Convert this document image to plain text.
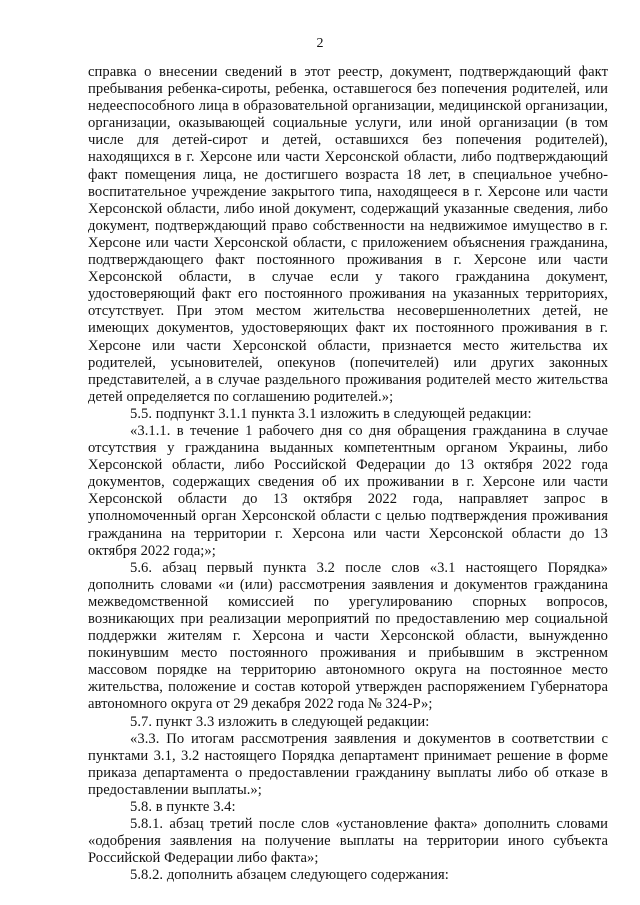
2

справка о внесении сведений в этот реестр, документ, подтверждающий факт пребывания ребенка-сироты, ребенка, оставшегося без попечения родителей, или недееспособного лица в образовательной организации, медицинской организации, организации, оказывающей социальные услуги, или иной организации (в том числе для детей-сирот и детей, оставшихся без попечения родителей), находящихся в г. Херсоне или части Херсонской области, либо подтверждающий факт помещения лица, не достигшего возраста 18 лет, в специальное учебно-воспитательное учреждение закрытого типа, находящееся в г. Херсоне или части Херсонской области, либо иной документ, содержащий указанные сведения, либо документ, подтверждающий право собственности на недвижимое имущество в г. Херсоне или части Херсонской области, с приложением объяснения гражданина, подтверждающего факт постоянного проживания в г. Херсоне или части Херсонской области, в случае если у такого гражданина документ, удостоверяющий факт его постоянного проживания на указанных территориях, отсутствует. При этом местом жительства несовершеннолетних детей, не имеющих документов, удостоверяющих факт их постоянного проживания в г. Херсоне или части Херсонской области, признается место жительства их родителей, усыновителей, опекунов (попечителей) или других законных представителей, а в случае раздельного проживания родителей место жительства детей определяется по соглашению родителей.»;

5.5. подпункт 3.1.1 пункта 3.1 изложить в следующей редакции:

«3.1.1. в течение 1 рабочего дня со дня обращения гражданина в случае отсутствия у гражданина выданных компетентным органом Украины, либо Херсонской области, либо Российской Федерации до 13 октября 2022 года документов, содержащих сведения об их проживании в г. Херсоне или части Херсонской области до 13 октября 2022 года, направляет запрос в уполномоченный орган Херсонской области с целью подтверждения проживания гражданина на территории г. Херсона или части Херсонской области до 13 октября 2022 года;»;

5.6. абзац первый пункта 3.2 после слов «3.1 настоящего Порядка» дополнить словами «и (или) рассмотрения заявления и документов гражданина межведомственной комиссией по урегулированию спорных вопросов, возникающих при реализации мероприятий по предоставлению мер социальной поддержки жителям г. Херсона и части Херсонской области, вынужденно покинувшим место постоянного проживания и прибывшим в экстренном массовом порядке на территорию автономного округа на постоянное место жительства, положение и состав которой утвержден распоряжением Губернатора автономного округа от 29 декабря 2022 года № 324-Р»;

5.7. пункт 3.3 изложить в следующей редакции:

«3.3. По итогам рассмотрения заявления и документов в соответствии с пунктами 3.1, 3.2 настоящего Порядка департамент принимает решение в форме приказа департамента о предоставлении гражданину выплаты либо об отказе в предоставлении выплаты.»;

5.8. в пункте 3.4:

5.8.1. абзац третий после слов «установление факта» дополнить словами «одобрения заявления на получение выплаты на территории иного субъекта Российской Федерации либо факта»;

5.8.2. дополнить абзацем следующего содержания:
